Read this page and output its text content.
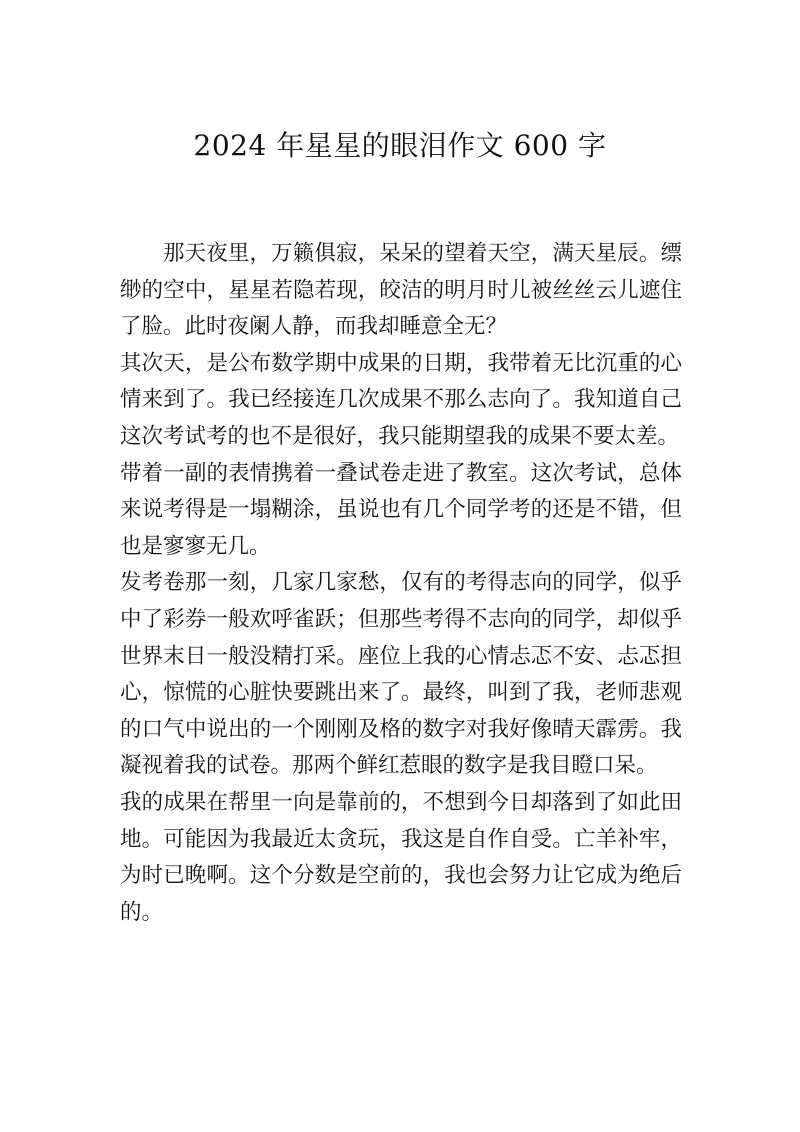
2024 年星星的眼泪作文 600 字

那天夜里，万籁俱寂，呆呆的望着天空，满天星辰。缥缈的空中，星星若隐若现，皎洁的明月时儿被丝丝云儿遮住了脸。此时夜阑人静，而我却睡意全无？

其次天，是公布数学期中成果的日期，我带着无比沉重的心情来到了。我已经接连几次成果不那么志向了。我知道自己这次考试考的也不是很好，我只能期望我的成果不要太差。

带着一副的表情携着一叠试卷走进了教室。这次考试，总体来说考得是一塌糊涂，虽说也有几个同学考的还是不错，但也是寥寥无几。

发考卷那一刻，几家几家愁，仅有的考得志向的同学，似乎中了彩券一般欢呼雀跃；但那些考得不志向的同学，却似乎世界末日一般没精打采。座位上我的心情忐忑不安、忐忑担心，惊慌的心脏快要跳出来了。最终，叫到了我，老师悲观的口气中说出的一个刚刚及格的数字对我好像晴天霹雳。我凝视着我的试卷。那两个鲜红惹眼的数字是我目瞪口呆。

我的成果在帮里一向是靠前的，不想到今日却落到了如此田地。可能因为我最近太贪玩，我这是自作自受。亡羊补牢，为时已晚啊。这个分数是空前的，我也会努力让它成为绝后的。
